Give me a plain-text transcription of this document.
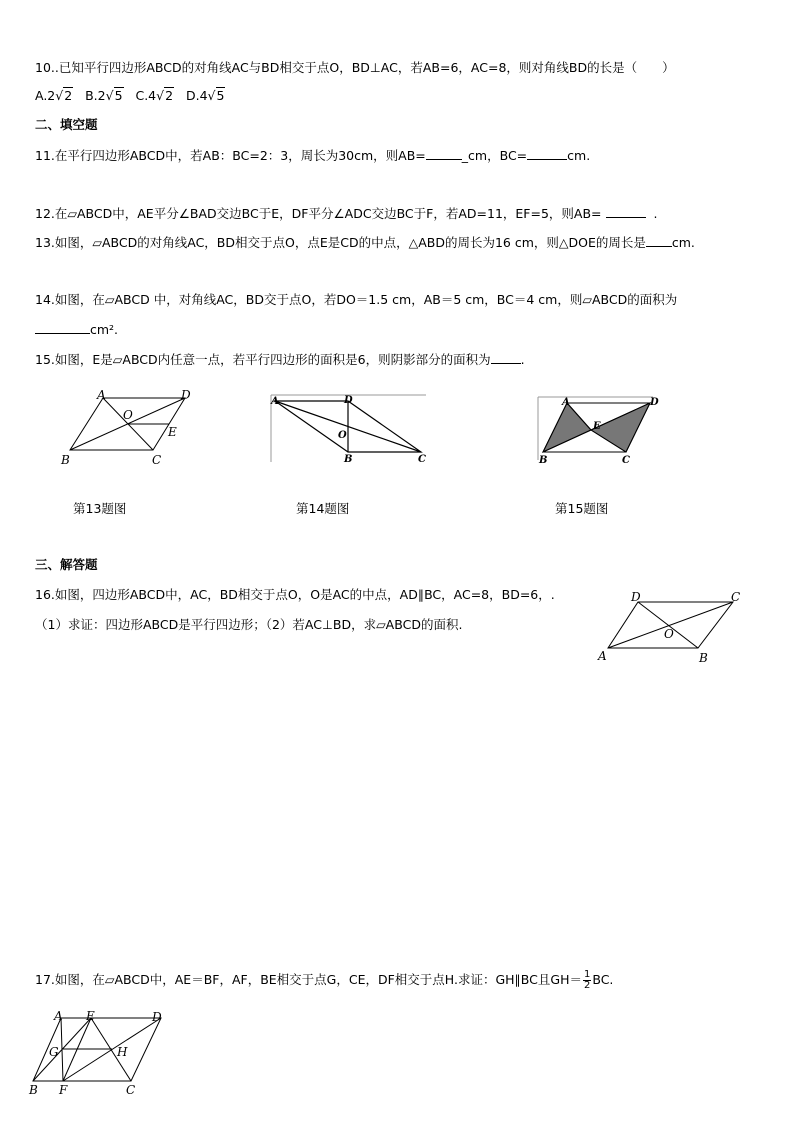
10..已知平行四边形ABCD的对角线AC与BD相交于点O，BD⊥AC，若AB=6，AC=8，则对角线BD的长是（　　）
A.2√2 B.2√5 C.4√2 D.4√5
二、填空题
11.在平行四边形ABCD中，若AB：BC=2：3，周长为30cm，则AB=	_cm，BC=	cm.
12.在▱ABCD中，AE平分∠BAD交边BC于E，DF平分∠ADC交边BC于F，若AD=11，EF=5，则AB=	.
13.如图，▱ABCD的对角线AC，BD相交于点O，点E是CD的中点，△ABD的周长为16 cm，则△DOE的周长是 cm.
14.如图，在▱ABCD 中，对角线AC，BD交于点O，若DO＝1.5 cm，AB＝5 cm，BC＝4 cm，则▱ABCD的面积为
cm².
15.如图，E是▱ABCD内任意一点，若平行四边形的面积是6，则阴影部分的面积为 .
A	D
O
E
B	C
第13题图
A	D
O
B	C
第14题图
A	D
E
B	C
第15题图
三、解答题
16.如图，四边形ABCD中，AC，BD相交于点O，O是AC的中点，AD∥BC，AC=8，BD=6，.
（1）求证：四边形ABCD是平行四边形；（2）若AC⊥BD，求▱ABCD的面积.
D	C
O
A	B
17.如图，在▱ABCD中，AE＝BF，AF，BE相交于点G，CE，DF相交于点H.求证：GH∥BC且$GH= \frac{1}{2}$ BC.
A E	D
G	H
B F	C
